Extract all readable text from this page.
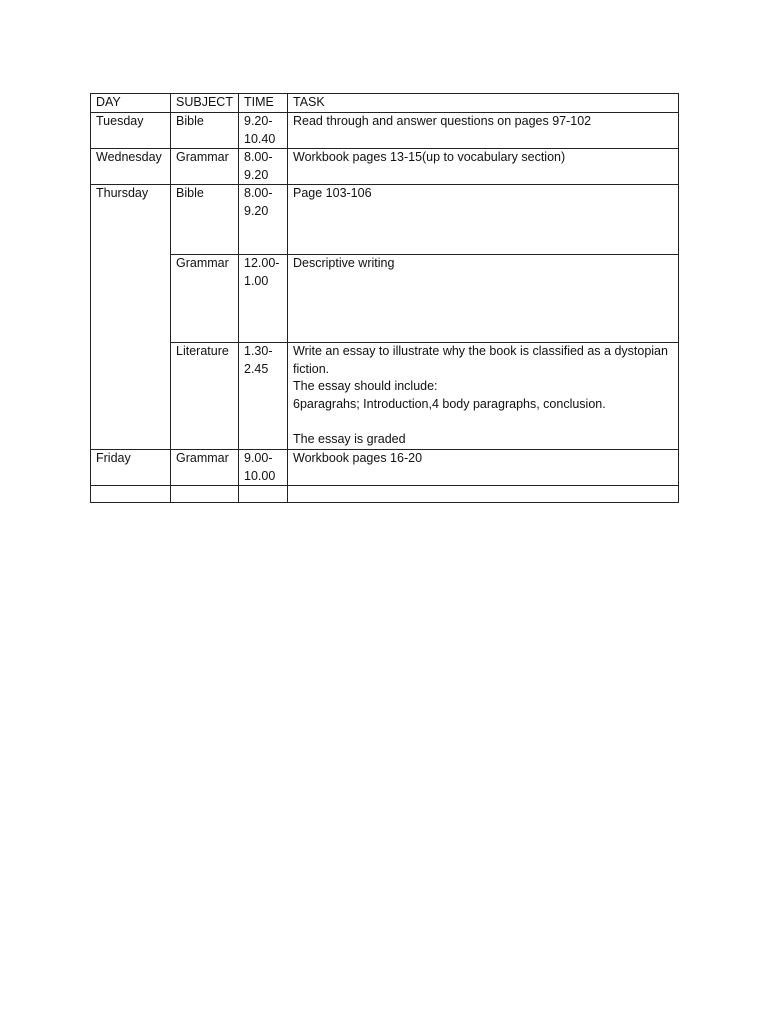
DAY	SUBJECT	TIME	TASK
Tuesday	Bible	9.20-10.40	Read through and answer questions on pages 97-102
Wednesday	Grammar	8.00-9.20	Workbook pages 13-15(up to vocabulary section)
Thursday	Bible	8.00-9.20	Page 103-106
	Grammar	12.00-1.00	Descriptive writing
	Literature	1.30-2.45	Write an essay to illustrate why the book is classified as a dystopian fiction.
The essay should include:
6paragrahs; Introduction,4 body paragraphs, conclusion.

The essay is graded
Friday	Grammar	9.00-10.00	Workbook pages 16-20
